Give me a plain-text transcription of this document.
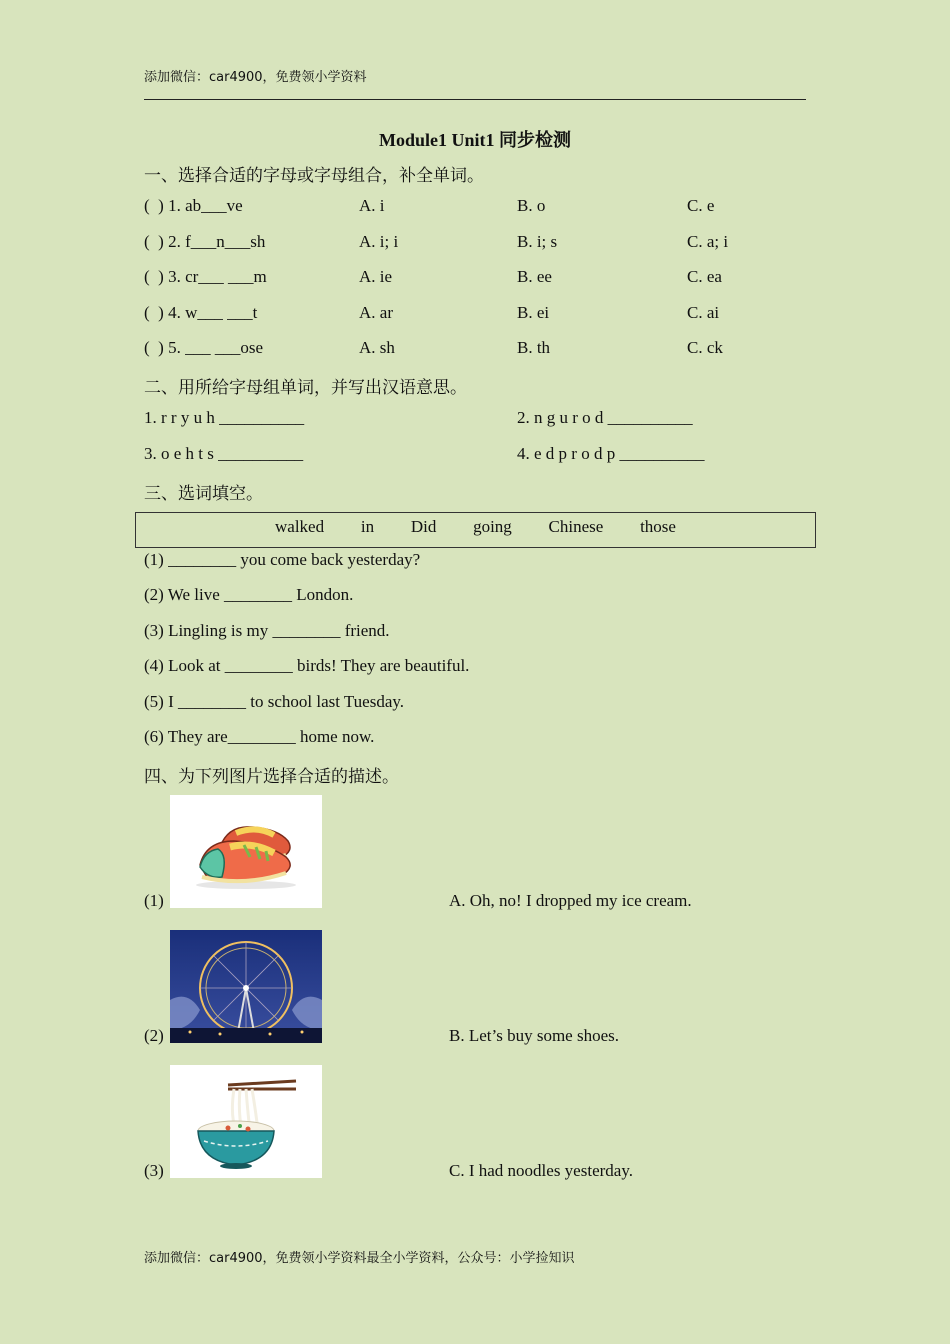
添加微信：car4900，免费领小学资料
Module1 Unit1 同步检测
一、选择合适的字母或字母组合，补全单词。
(  ) 1. ab___ve	A. i	B. o	C. e
(  ) 2. f___n___sh	A. i; i	B. i; s	C. a; i
(  ) 3. cr___ ___m	A. ie	B. ee	C. ea
(  ) 4. w___ ___t	A. ar	B. ei	C. ai
(  ) 5. ___ ___ose	A. sh	B. th	C. ck
二、用所给字母组单词，并写出汉语意思。
1. r r y u h __________	2. n g u r o d __________
3. o e h t s __________	4. e d p r o d p __________
三、选词填空。
walked   in   Did   going   Chinese   those
(1) ________ you come back yesterday?
(2) We live ________ London.
(3) Lingling is my ________ friend.
(4) Look at ________ birds! They are beautiful.
(5) I ________ to school last Tuesday.
(6) They are________ home now.
四、为下列图片选择合适的描述。
(1)	A. Oh, no! I dropped my ice cream.
(2)	B. Let’s buy some shoes.
(3)	C. I had noodles yesterday.
添加微信：car4900，免费领小学资料最全小学资料，公众号：小学捡知识
